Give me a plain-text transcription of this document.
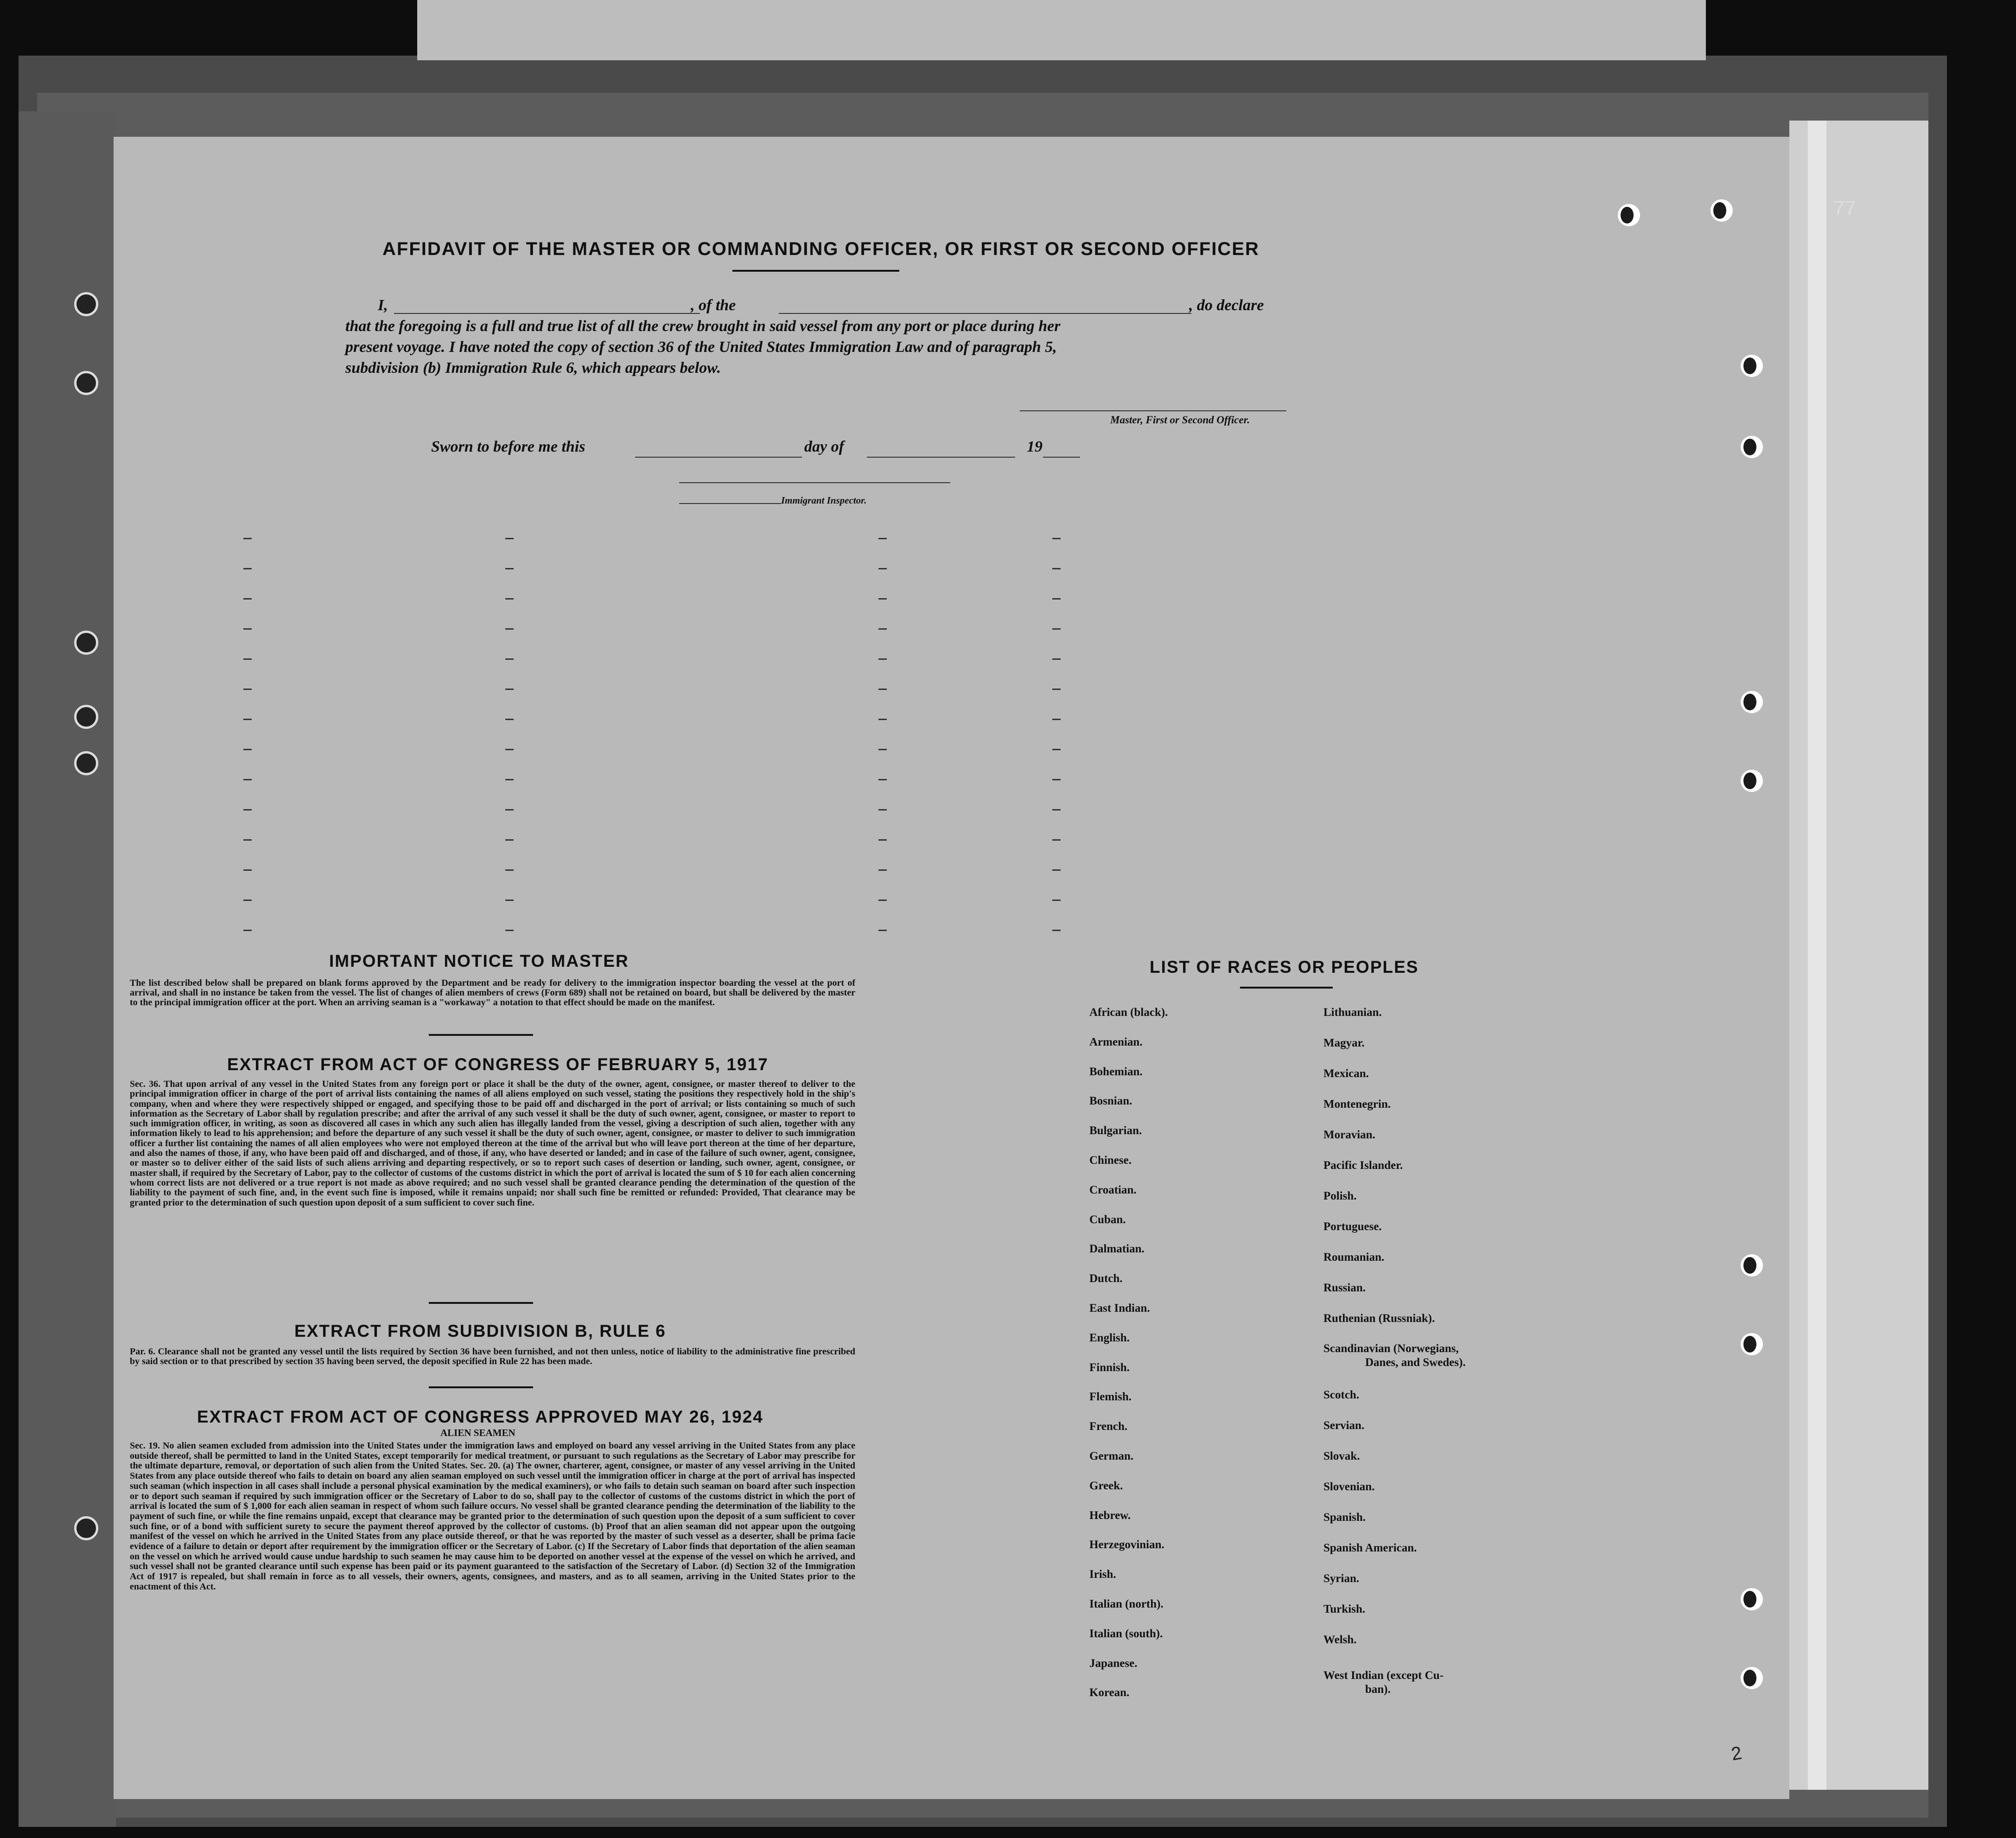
77
AFFIDAVIT OF THE MASTER OR COMMANDING OFFICER, OR FIRST OR SECOND OFFICER
I,	, of the	, do declare
that the foregoing is a full and true list of all the crew brought in said vessel from any port or place during her
present voyage. I have noted the copy of section 36 of the United States Immigration Law and of paragraph 5,
subdivision (b) Immigration Rule 6, which appears below.
Master, First or Second Officer.
Sworn to before me this	day of	19
Immigrant Inspector.
IMPORTANT NOTICE TO MASTER
The list described below shall be prepared on blank forms approved by the Department and be ready for delivery to the immigration inspector boarding the vessel at the port of arrival, and shall in no instance be taken from the vessel. The list of changes of alien members of crews (Form 689) shall not be retained on board, but shall be delivered by the master to the principal immigration officer at the port. When an arriving seaman is a "workaway" a notation to that effect should be made on the manifest.
EXTRACT FROM ACT OF CONGRESS OF FEBRUARY 5, 1917
Sec. 36. That upon arrival of any vessel in the United States from any foreign port or place it shall be the duty of the owner, agent, consignee, or master thereof to deliver to the principal immigration officer in charge of the port of arrival lists containing the names of all aliens employed on such vessel, stating the positions they respectively hold in the ship's company, when and where they were respectively shipped or engaged, and specifying those to be paid off and discharged in the port of arrival; or lists containing so much of such information as the Secretary of Labor shall by regulation prescribe; and after the arrival of any such vessel it shall be the duty of such owner, agent, consignee, or master to report to such immigration officer, in writing, as soon as discovered all cases in which any such alien has illegally landed from the vessel, giving a description of such alien, together with any information likely to lead to his apprehension; and before the departure of any such vessel it shall be the duty of such owner, agent, consignee, or master to deliver to such immigration officer a further list containing the names of all alien employees who were not employed thereon at the time of the arrival but who will leave port thereon at the time of her departure, and also the names of those, if any, who have been paid off and discharged, and of those, if any, who have deserted or landed; and in case of the failure of such owner, agent, consignee, or master so to deliver either of the said lists of such aliens arriving and departing respectively, or so to report such cases of desertion or landing, such owner, agent, consignee, or master shall, if required by the Secretary of Labor, pay to the collector of customs of the customs district in which the port of arrival is located the sum of $ 10 for each alien concerning whom correct lists are not delivered or a true report is not made as above required; and no such vessel shall be granted clearance pending the determination of the question of the liability to the payment of such fine, and, in the event such fine is imposed, while it remains unpaid; nor shall such fine be remitted or refunded: Provided, That clearance may be granted prior to the determination of such question upon deposit of a sum sufficient to cover such fine.
EXTRACT FROM SUBDIVISION B, RULE 6
Par. 6. Clearance shall not be granted any vessel until the lists required by Section 36 have been furnished, and not then unless, notice of liability to the administrative fine prescribed by said section or to that prescribed by section 35 having been served, the deposit specified in Rule 22 has been made.
EXTRACT FROM ACT OF CONGRESS APPROVED MAY 26, 1924
ALIEN SEAMEN
Sec. 19. No alien seamen excluded from admission into the United States under the immigration laws and employed on board any vessel arriving in the United States from any place outside thereof, shall be permitted to land in the United States, except temporarily for medical treatment, or pursuant to such regulations as the Secretary of Labor may prescribe for the ultimate departure, removal, or deportation of such alien from the United States. Sec. 20. (a) The owner, charterer, agent, consignee, or master of any vessel arriving in the United States from any place outside thereof who fails to detain on board any alien seaman employed on such vessel until the immigration officer in charge at the port of arrival has inspected such seaman (which inspection in all cases shall include a personal physical examination by the medical examiners), or who fails to detain such seaman on board after such inspection or to deport such seaman if required by such immigration officer or the Secretary of Labor to do so, shall pay to the collector of customs of the customs district in which the port of arrival is located the sum of $ 1,000 for each alien seaman in respect of whom such failure occurs. No vessel shall be granted clearance pending the determination of the liability to the payment of such fine, or while the fine remains unpaid, except that clearance may be granted prior to the determination of such question upon the deposit of a sum sufficient to cover such fine, or of a bond with sufficient surety to secure the payment thereof approved by the collector of customs. (b) Proof that an alien seaman did not appear upon the outgoing manifest of the vessel on which he arrived in the United States from any place outside thereof, or that he was reported by the master of such vessel as a deserter, shall be prima facie evidence of a failure to detain or deport after requirement by the immigration officer or the Secretary of Labor. (c) If the Secretary of Labor finds that deportation of the alien seaman on the vessel on which he arrived would cause undue hardship to such seamen he may cause him to be deported on another vessel at the expense of the vessel on which he arrived, and such vessel shall not be granted clearance until such expense has been paid or its payment guaranteed to the satisfaction of the Secretary of Labor. (d) Section 32 of the Immigration Act of 1917 is repealed, but shall remain in force as to all vessels, their owners, agents, consignees, and masters, and as to all seamen, arriving in the United States prior to the enactment of this Act.
LIST OF RACES OR PEOPLES
African (black).
Armenian.
Bohemian.
Bosnian.
Bulgarian.
Chinese.
Croatian.
Cuban.
Dalmatian.
Dutch.
East Indian.
English.
Finnish.
Flemish.
French.
German.
Greek.
Hebrew.
Herzegovinian.
Irish.
Italian (north).
Italian (south).
Japanese.
Korean.
Lithuanian.
Magyar.
Mexican.
Montenegrin.
Moravian.
Pacific Islander.
Polish.
Portuguese.
Roumanian.
Russian.
Ruthenian (Russniak).
Scandinavian (Norwegians,
Danes, and Swedes).
Scotch.
Servian.
Slovak.
Slovenian.
Spanish.
Spanish American.
Syrian.
Turkish.
Welsh.
West Indian (except Cu-
ban).
2
